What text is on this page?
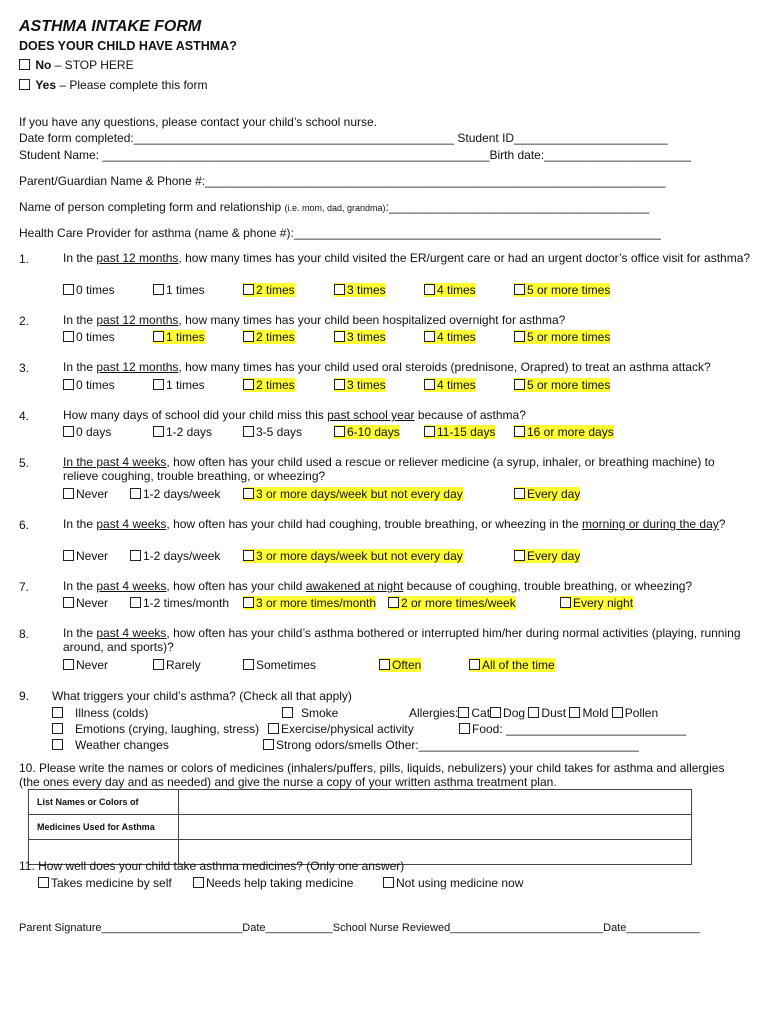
ASTHMA INTAKE FORM
DOES YOUR CHILD HAVE ASTHMA?
No – STOP HERE
Yes – Please complete this form
If you have any questions, please contact your child’s school nurse.
Date form completed:________________________________________________ Student ID_______________________
Student Name: __________________________________________________________Birth date:______________________
Parent/Guardian Name & Phone #:_____________________________________________________________________
Name of person completing form and relationship (i.e. mom, dad, grandma):_______________________________________
Health Care Provider for asthma (name & phone #):_______________________________________________________
1.	In the past 12 months, how many times has your child visited the ER/urgent care or had an urgent doctor’s office visit for asthma?
0 times	1 times	2 times	3 times	4 times	5 or more times
2.	In the past 12 months, how many times has your child been hospitalized overnight for asthma?
0 times	1 times	2 times	3 times	4 times	5 or more times
3.	In the past 12 months, how many times has your child used oral steroids (prednisone, Orapred) to treat an asthma attack?
0 times	1 times	2 times	3 times	4 times	5 or more times
4.	How many days of school did your child miss this past school year because of asthma?
0 days	1-2 days	3-5 days	6-10 days	11-15 days	16 or more days
5.	In the past 4 weeks, how often has your child used a rescue or reliever medicine (a syrup, inhaler, or breathing machine) to relieve coughing, trouble breathing, or wheezing?
Never	1-2 days/week	3 or more days/week but not every day	Every day
6.	In the past 4 weeks, how often has your child had coughing, trouble breathing, or wheezing in the morning or during the day?
Never	1-2 days/week	3 or more days/week but not every day	Every day
7.	In the past 4 weeks, how often has your child awakened at night because of coughing, trouble breathing, or wheezing?
Never	1-2 times/month	3 or more times/month	2 or more times/week	Every night
8.	In the past 4 weeks, how often has your child’s asthma bothered or interrupted him/her during normal activities (playing, running around, and sports)?
Never	Rarely	Sometimes	Often	All of the time
9. What triggers your child’s asthma? (Check all that apply)
Illness (colds)
Emotions (crying, laughing, stress)
Weather changes
Smoke
Exercise/physical activity
Strong odors/smells Other:_________________________________
Allergies: Cat Dog Dust Mold Pollen
Food: ___________________________
10. Please write the names or colors of medicines (inhalers/puffers, pills, liquids, nebulizers) your child takes for asthma and allergies (the ones every day and as needed) and give the nurse a copy of your written asthma treatment plan.
List Names or Colors of	
Medicines Used for Asthma	

11. How well does your child take asthma medicines? (Only one answer)
Takes medicine by self	Needs help taking medicine	Not using medicine now
Parent Signature_______________________Date___________School Nurse Reviewed_________________________Date____________
